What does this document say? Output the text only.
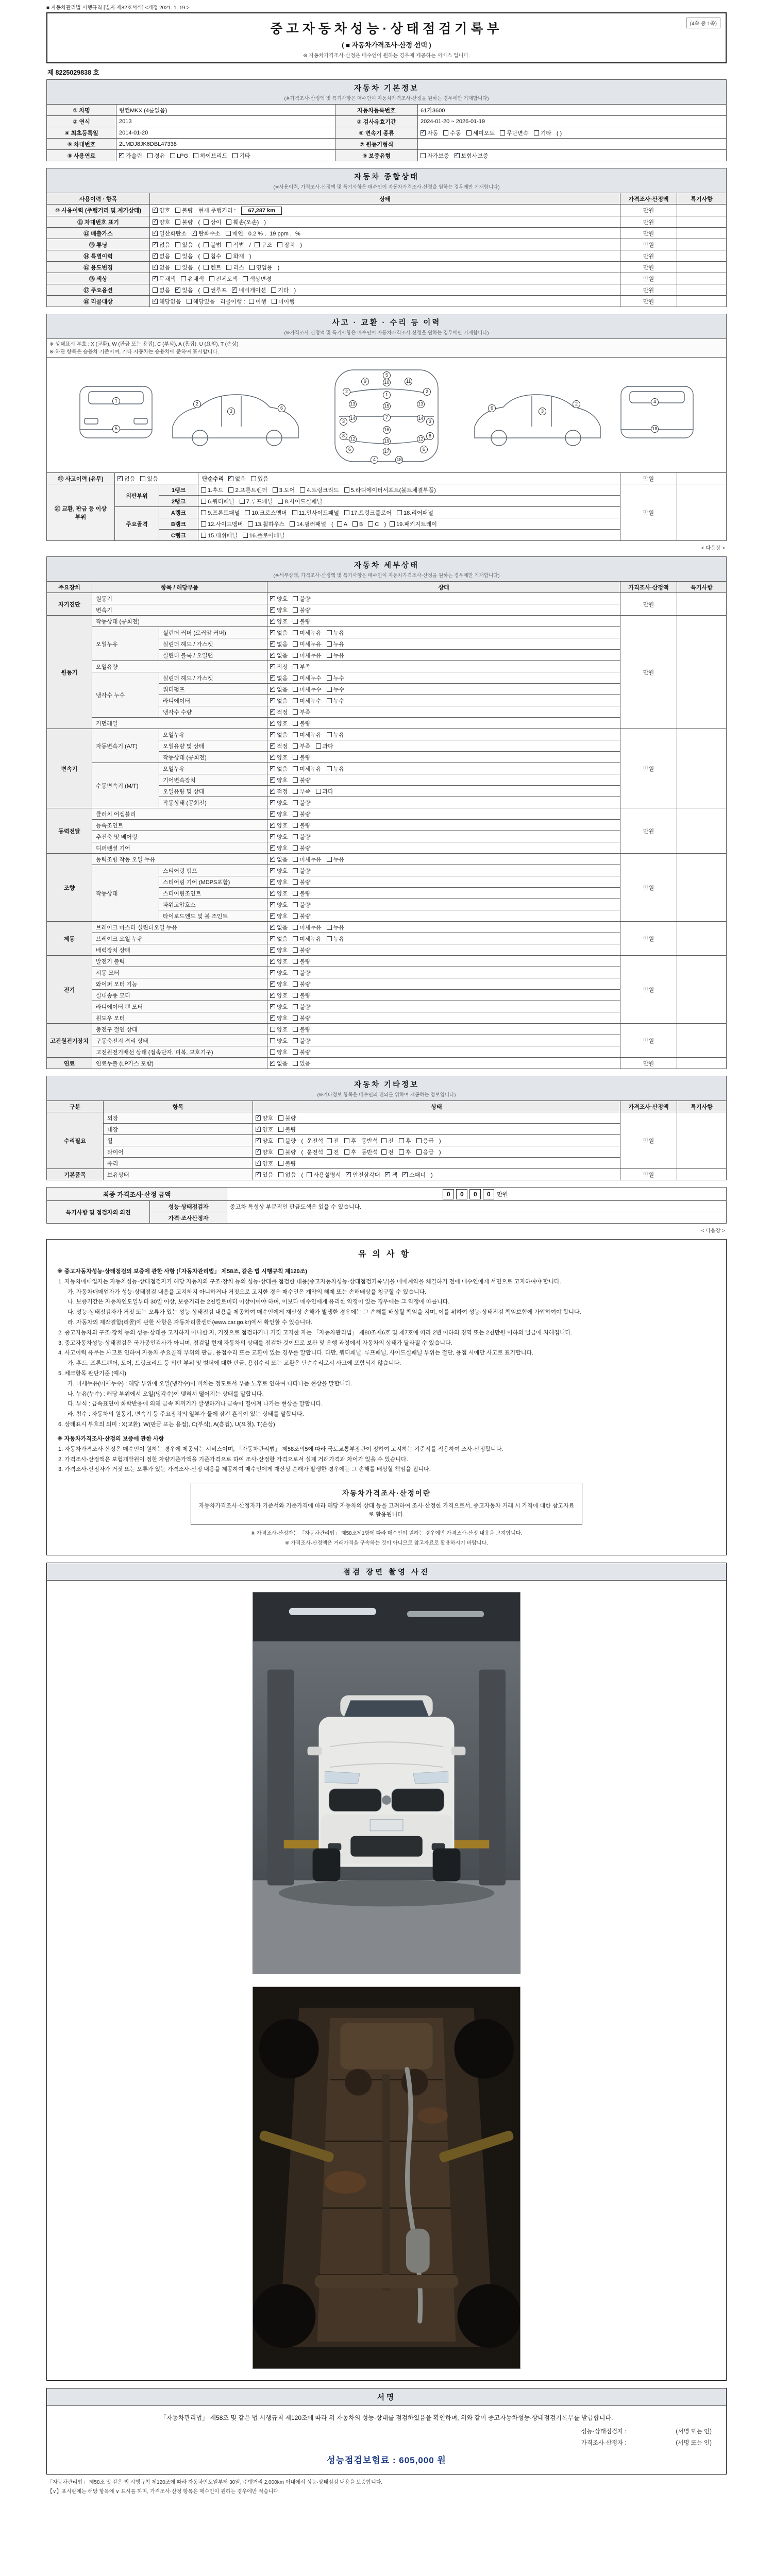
■ 자동차관리법 시행규칙 [별지 제82호서식] <개정 2021. 1. 19.>
(4쪽 중 1쪽)
중고자동차성능·상태점검기록부
( ■ 자동차가격조사·산정 선택 )
※ 자동차가격조사·산정은 매수인이 원하는 경우에 제공하는 서비스 입니다.
제 8225029838 호
자동차 기본정보
(※가격조사·산정액 및 특기사항은 매수인이 자동차가격조사·산정을 원하는 경우에만 기재합니다)			

① 차명	링컨MKX (4륜없음)	자동차등록번호	61가3600
② 연식	2013	③ 검사유효기간	2024-01-20 ~ 2026-01-19
④ 최초등록일	2014-01-20	⑤ 변속기 종류	✓자동 수동 세미오토 무단변속 기타 ( )
⑥ 차대번호	2LMDJ8JK6DBL47338	⑦ 원동기형식	
⑧ 사용연료	✓가솔린 경유 LPG 하이브리드 기타	⑨ 보증유형	자가보증 ✓ 보험사보증
자동차 종합상태
(※사용이력, 가격조사·산정액 및 특기사항은 매수인이 자동차가격조사·산정을 원하는 경우에만 기재합니다)			

사용이력 · 항목	상태	가격조사·산정액	특기사항
⑩ 사용이력 (주행거리 및 계기상태)	✓양호 불량 현재 주행거리 : 67,287 km	만원	
⑪ 차대번호 표기	✓양호 불량 ( 상이 훼손(오손) )	만원	
⑫ 배출가스	✓일산화탄소 ✓ 탄화수소 매연 0.2 % , 19 ppm , %	만원	
⑬ 튜닝	✓없음 있음 ( 불법 적법 / 구조 장치 )	만원	
⑭ 특별이력	✓없음 있음 ( 침수 화재 )	만원	
⑮ 용도변경	✓없음 있음 ( 렌트 리스 영업용 )	만원	
⑯ 색상	✓무채색 유채색 전체도색 색상변경	만원	
⑰ 주요옵션	없음 ✓ 있음 ( 썬루프 ✓ 네비게이션 기타 )	만원	
⑱ 리콜대상	✓해당없음 해당있음 리콜이행 : 이행 미이행	만원	
사고 · 교환 · 수리 등 이력
(※가격조사·산정액 및 특기사항은 매수인이 자동차가격조사·산정을 원하는 경우에만 기재합니다)					

※ 상태표시 부호 : X (교환), W (판금 또는 용접), C (부식), A (흠집), U (요철), T (손상)
※ 하단 항목은 승용차 기준이며, 기타 자동차는 승용차에 준하여 표시합니다.					

1
5
2
3
6
5
9	10	11
1
2	2
13	15	13
3
7
3
14	14
8
16
8
12	12
6
19
6
17
4	18
2
3
6
4
18

⑲ 사고이력 (유무)	✓없음 있음		단순수리 ✓ 없음 있음	만원	
⑳ 교환, 판금 등 이상 부위	외판부위	1랭크	1.후드 2.프론트펜더 3.도어 4.트렁크리드 5.라디에이터서포트(볼트체결부품)	만원	
		2랭크	6.쿼터패널 7.루프패널 8.사이드실패널		
	주요골격	A랭크	9.프론트패널 10.크로스멤버 11.인사이드패널 17.트렁크플로어 18.리어패널		
		B랭크	12.사이드멤버 13.휠하우스 14.필러패널 ( A B C ) 19.패키지트레이		
		C랭크	15.대쉬패널 16.플로어패널		
< 다음장 >
자동차 세부상태
(※세부상태, 가격조사·산정액 및 특기사항은 매수인이 자동차가격조사·산정을 원하는 경우에만 기재합니다)					

주요장치	항목 / 해당부품		상태	가격조사·산정액	특기사항
자기진단	원동기	✓양호 불량	만원	
	변속기	✓양호 불량
원동기	작동상태 (공회전)	✓양호 불량	만원	
	오일누유	실린더 커버 (로커암 커버)	✓없음 미세누유 누유
		실린더 헤드 / 가스켓	✓없음 미세누유 누유
		실린더 블록 / 오일팬	✓없음 미세누유 누유
	오일유량	✓적정 부족
	냉각수 누수	실린더 헤드 / 가스켓	✓없음 미세누수 누수
		워터펌프	✓없음 미세누수 누수
		라디에이터	✓없음 미세누수 누수
		냉각수 수량	✓적정 부족
	커먼레일	✓양호 불량
변속기	자동변속기 (A/T)	오일누유	✓없음 미세누유 누유	만원	
		오일유량 및 상태	✓적정 부족 과다
		작동상태 (공회전)	✓양호 불량
	수동변속기 (M/T)	오일누유	✓없음 미세누유 누유
		기어변속장치	✓양호 불량
		오일유량 및 상태	✓적정 부족 과다
		작동상태 (공회전)	✓양호 불량
동력전달	클러치 어셈블리	✓양호 불량	만원	
	등속조인트	✓양호 불량
	추진축 및 베어링	✓양호 불량
	디퍼렌셜 기어	✓양호 불량
조향	동력조향 작동 오일 누유	✓없음 미세누유 누유	만원	
	작동상태	스티어링 펌프	✓양호 불량
		스티어링 기어 (MDPS포함)	✓양호 불량
		스티어링조인트	✓양호 불량
		파워고압호스	✓양호 불량
		타이로드엔드 및 볼 조인트	✓양호 불량
제동	브레이크 마스터 실린더오일 누유	✓없음 미세누유 누유	만원	
	브레이크 오일 누유	✓없음 미세누유 누유
	배력장치 상태	✓양호 불량
전기	발전기 출력	✓양호 불량	만원	
	시동 모터	✓양호 불량
	와이퍼 모터 기능	✓양호 불량
	실내송풍 모터	✓양호 불량
	라디에이터 팬 모터	✓양호 불량
	윈도우 모터	✓양호 불량
고전원전기장치	충전구 절연 상태		양호 불량	만원	
	구동축전지 격리 상태		양호 불량		
	고전원전기배선 상태 (접속단자, 피복, 보호기구)		양호 불량		
연료	연료누출 (LP가스 포함)	✓없음 있음	만원	
자동차 기타정보
(※기타정보 항목은 매수인의 편의를 위하여 제공하는 정보입니다)				

구분	항목	상태	가격조사·산정액	특기사항
수리필요	외장	✓양호 불량	만원	
	내장	✓양호 불량
	휠	✓양호 불량 ( 운전석 전 후 동반석 전 후 응급 )
	타이어	✓양호 불량 ( 운전석 전 후 동반석 전 후 응급 )
	유리	✓양호 불량
기본품목	보유상태	✓있음 없음 ( 사용설명서 ✓ 안전삼각대 ✓ 잭 ✓ 스패너 )	만원	
최종 가격조사·산정 금액		0 0 0 0 만원
특기사항 및 점검자의 의견	성능·상태점검자	중고차 특성상 부분적인 판금도색은 있을 수 있습니다.
	가격·조사산정자	
< 다음장 >
유의사항
※ 중고자동차성능·상태점검의 보증에 관한 사항 (「자동차관리법」 제58조, 같은 법 시행규칙 제120조)
1. 자동차매매업자는 자동차성능·상태점검자가 해당 자동차의 구조·장치 등의 성능·상태를 점검한 내용(중고자동차성능·상태점검기록부)을 매매계약을 체결하기 전에 매수인에게 서면으로 고지하여야 합니다.
가. 자동차매매업자가 성능·상태점검 내용을 고지하지 아니하거나 거짓으로 고지한 경우 매수인은 계약의 해제 또는 손해배상을 청구할 수 있습니다.
나. 보증기간은 자동차인도일부터 30일 이상, 보증거리는 2천킬로미터 이상이어야 하며, 이보다 매수인에게 유리한 약정이 있는 경우에는 그 약정에 따릅니다.
다. 성능·상태점검자가 거짓 또는 오류가 있는 성능·상태점검 내용을 제공하여 매수인에게 재산상 손해가 발생한 경우에는 그 손해를 배상할 책임을 지며, 이를 위하여 성능·상태점검 책임보험에 가입하여야 합니다.
라. 자동차의 제작결함(리콜)에 관한 사항은 자동차리콜센터(www.car.go.kr)에서 확인할 수 있습니다.
2. 중고자동차의 구조·장치 등의 성능·상태를 고지하지 아니한 자, 거짓으로 점검하거나 거짓 고지한 자는 「자동차관리법」 제80조제6호 및 제7호에 따라 2년 이하의 징역 또는 2천만원 이하의 벌금에 처해집니다.
3. 중고자동차성능·상태점검은 국가공인검사가 아니며, 점검일 현재 자동차의 상태를 점검한 것이므로 보관 및 운행 과정에서 자동차의 상태가 달라질 수 있습니다.
4. 사고이력 유무는 사고로 인하여 자동차 주요골격 부위의 판금, 용접수리 또는 교환이 있는 경우를 말합니다. 다만, 쿼터패널, 루프패널, 사이드실패널 부위는 절단, 용접 시에만 사고로 표기합니다.
가. 후드, 프론트펜더, 도어, 트렁크리드 등 외판 부위 및 범퍼에 대한 판금, 용접수리 또는 교환은 단순수리로서 사고에 포함되지 않습니다.
5. 체크항목 판단기준 (예시)
가. 미세누유(미세누수) : 해당 부위에 오일(냉각수)이 비치는 정도로서 부품 노후로 인하여 나타나는 현상을 말합니다.
나. 누유(누수) : 해당 부위에서 오일(냉각수)이 맺혀서 떨어지는 상태를 말합니다.
다. 부식 : 금속표면이 화학반응에 의해 금속 찌꺼기가 발생하거나 금속이 떨어져 나가는 현상을 말합니다.
라. 침수 : 자동차의 원동기, 변속기 등 주요장치의 일부가 물에 잠긴 흔적이 있는 상태를 말합니다.
6. 상태표시 부호의 의미 : X(교환), W(판금 또는 용접), C(부식), A(흠집), U(요철), T(손상)
※ 자동차가격조사·산정의 보증에 관한 사항
1. 자동차가격조사·산정은 매수인이 원하는 경우에 제공되는 서비스이며, 「자동차관리법」 제58조의5에 따라 국토교통부장관이 정하여 고시하는 기준서를 적용하여 조사·산정합니다.
2. 가격조사·산정액은 보험개발원이 정한 차량기준가액을 기준가격으로 하여 조사·산정한 가격으로서 실제 거래가격과 차이가 있을 수 있습니다.
3. 가격조사·산정자가 거짓 또는 오류가 있는 가격조사·산정 내용을 제공하여 매수인에게 재산상 손해가 발생한 경우에는 그 손해를 배상할 책임을 집니다.
자동차가격조사·산정이란
자동차가격조사·산정자가 기준서와 기준가격에 따라 해당 자동차의 상태 등을 고려하여 조사·산정한 가격으로서, 중고자동차 거래 시 가격에 대한 참고자료로 활용됩니다.
※ 가격조사·산정자는 「자동차관리법」 제58조제1항에 따라 매수인이 원하는 경우에만 가격조사·산정 내용을 고지합니다.
※ 가격조사·산정액은 거래가격을 구속하는 것이 아니므로 참고자료로 활용하시기 바랍니다.
점검 장면 촬영 사진
서명
「자동차관리법」 제58조 및 같은 법 시행규칙 제120조에 따라 위 자동차의 성능·상태를 점검하였음을 확인하며, 위와 같이 중고자동차성능·상태점검기록부를 발급합니다.
성능·상태점검자 :                              (서명 또는 인)
가격조사·산정자 :                              (서명 또는 인)
성능점검보험료 : 605,000 원
「자동차관리법」 제58조 및 같은 법 시행규칙 제120조에 따라 자동차인도일부터 30일, 주행거리 2,000km 이내에서 성능·상태점검 내용을 보증합니다.
【∨】표시란에는 해당 항목에 ∨ 표시를 하며, 가격조사·산정 항목은 매수인이 원하는 경우에만 적습니다.
